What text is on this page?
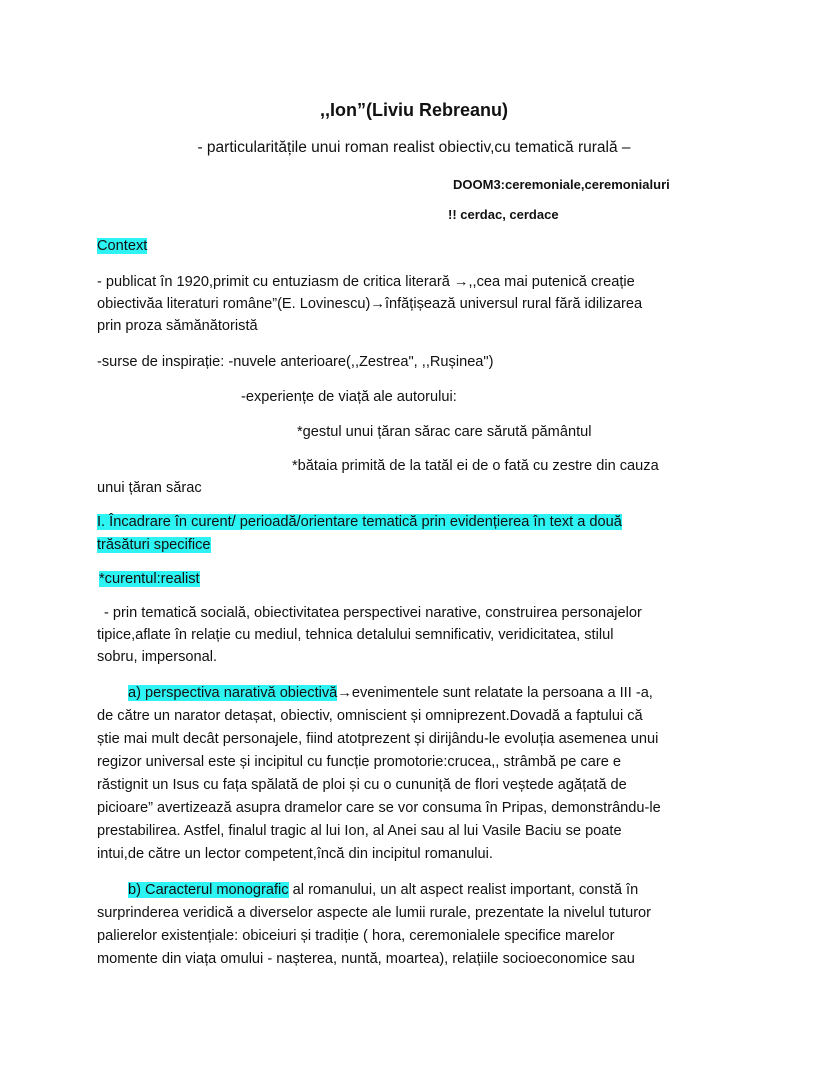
,,Ion”(Liviu Rebreanu)
- particularitățile unui roman realist obiectiv,cu tematică rurală –
DOOM3:ceremoniale,ceremonialuri
!! cerdac, cerdace
Context
- publicat în 1920,primit cu entuziasm de critica literară →,,cea mai putenică creație
obiectivăa literaturi române”(E. Lovinescu)→înfățișează universul rural fără idilizarea
prin proza sămănătoristă
-surse de inspirație: -nuvele anterioare(,,Zestrea", ,,Rușinea")
-experiențe de viață ale autorului:
*gestul unui țăran sărac care sărută pământul
*bătaia primită de la tatăl ei de o fată cu zestre din cauza
unui țăran sărac
I. Încadrare în curent/ perioadă/orientare tematică prin evidențierea în text a două
trăsături specifice
*curentul:realist
- prin tematică socială, obiectivitatea perspectivei narative, construirea personajelor
tipice,aflate în relație cu mediul, tehnica detalului semnificativ, veridicitatea, stilul
sobru, impersonal.
a) perspectiva narativă obiectivă→evenimentele sunt relatate la persoana a III -a,
de către un narator detașat, obiectiv, omniscient și omniprezent.Dovadă a faptului că
știe mai mult decât personajele, fiind atotprezent și dirijându-le evoluția asemenea unui
regizor universal este și incipitul cu funcție promotorie:crucea,, strâmbă pe care e
răstignit un Isus cu fața spălată de ploi și cu o cununiță de flori veștede agățată de
picioare” avertizează asupra dramelor care se vor consuma în Pripas, demonstrându-le
prestabilirea. Astfel, finalul tragic al lui Ion, al Anei sau al lui Vasile Baciu se poate
intui,de către un lector competent,încă din incipitul romanului.
b) Caracterul monografic al romanului, un alt aspect realist important, constă în
surprinderea veridică a diverselor aspecte ale lumii rurale, prezentate la nivelul tuturor
palierelor existențiale: obiceiuri și tradiție ( hora, ceremonialele specifice marelor
momente din viața omului - nașterea, nuntă, moartea), relațiile socioeconomice sau
